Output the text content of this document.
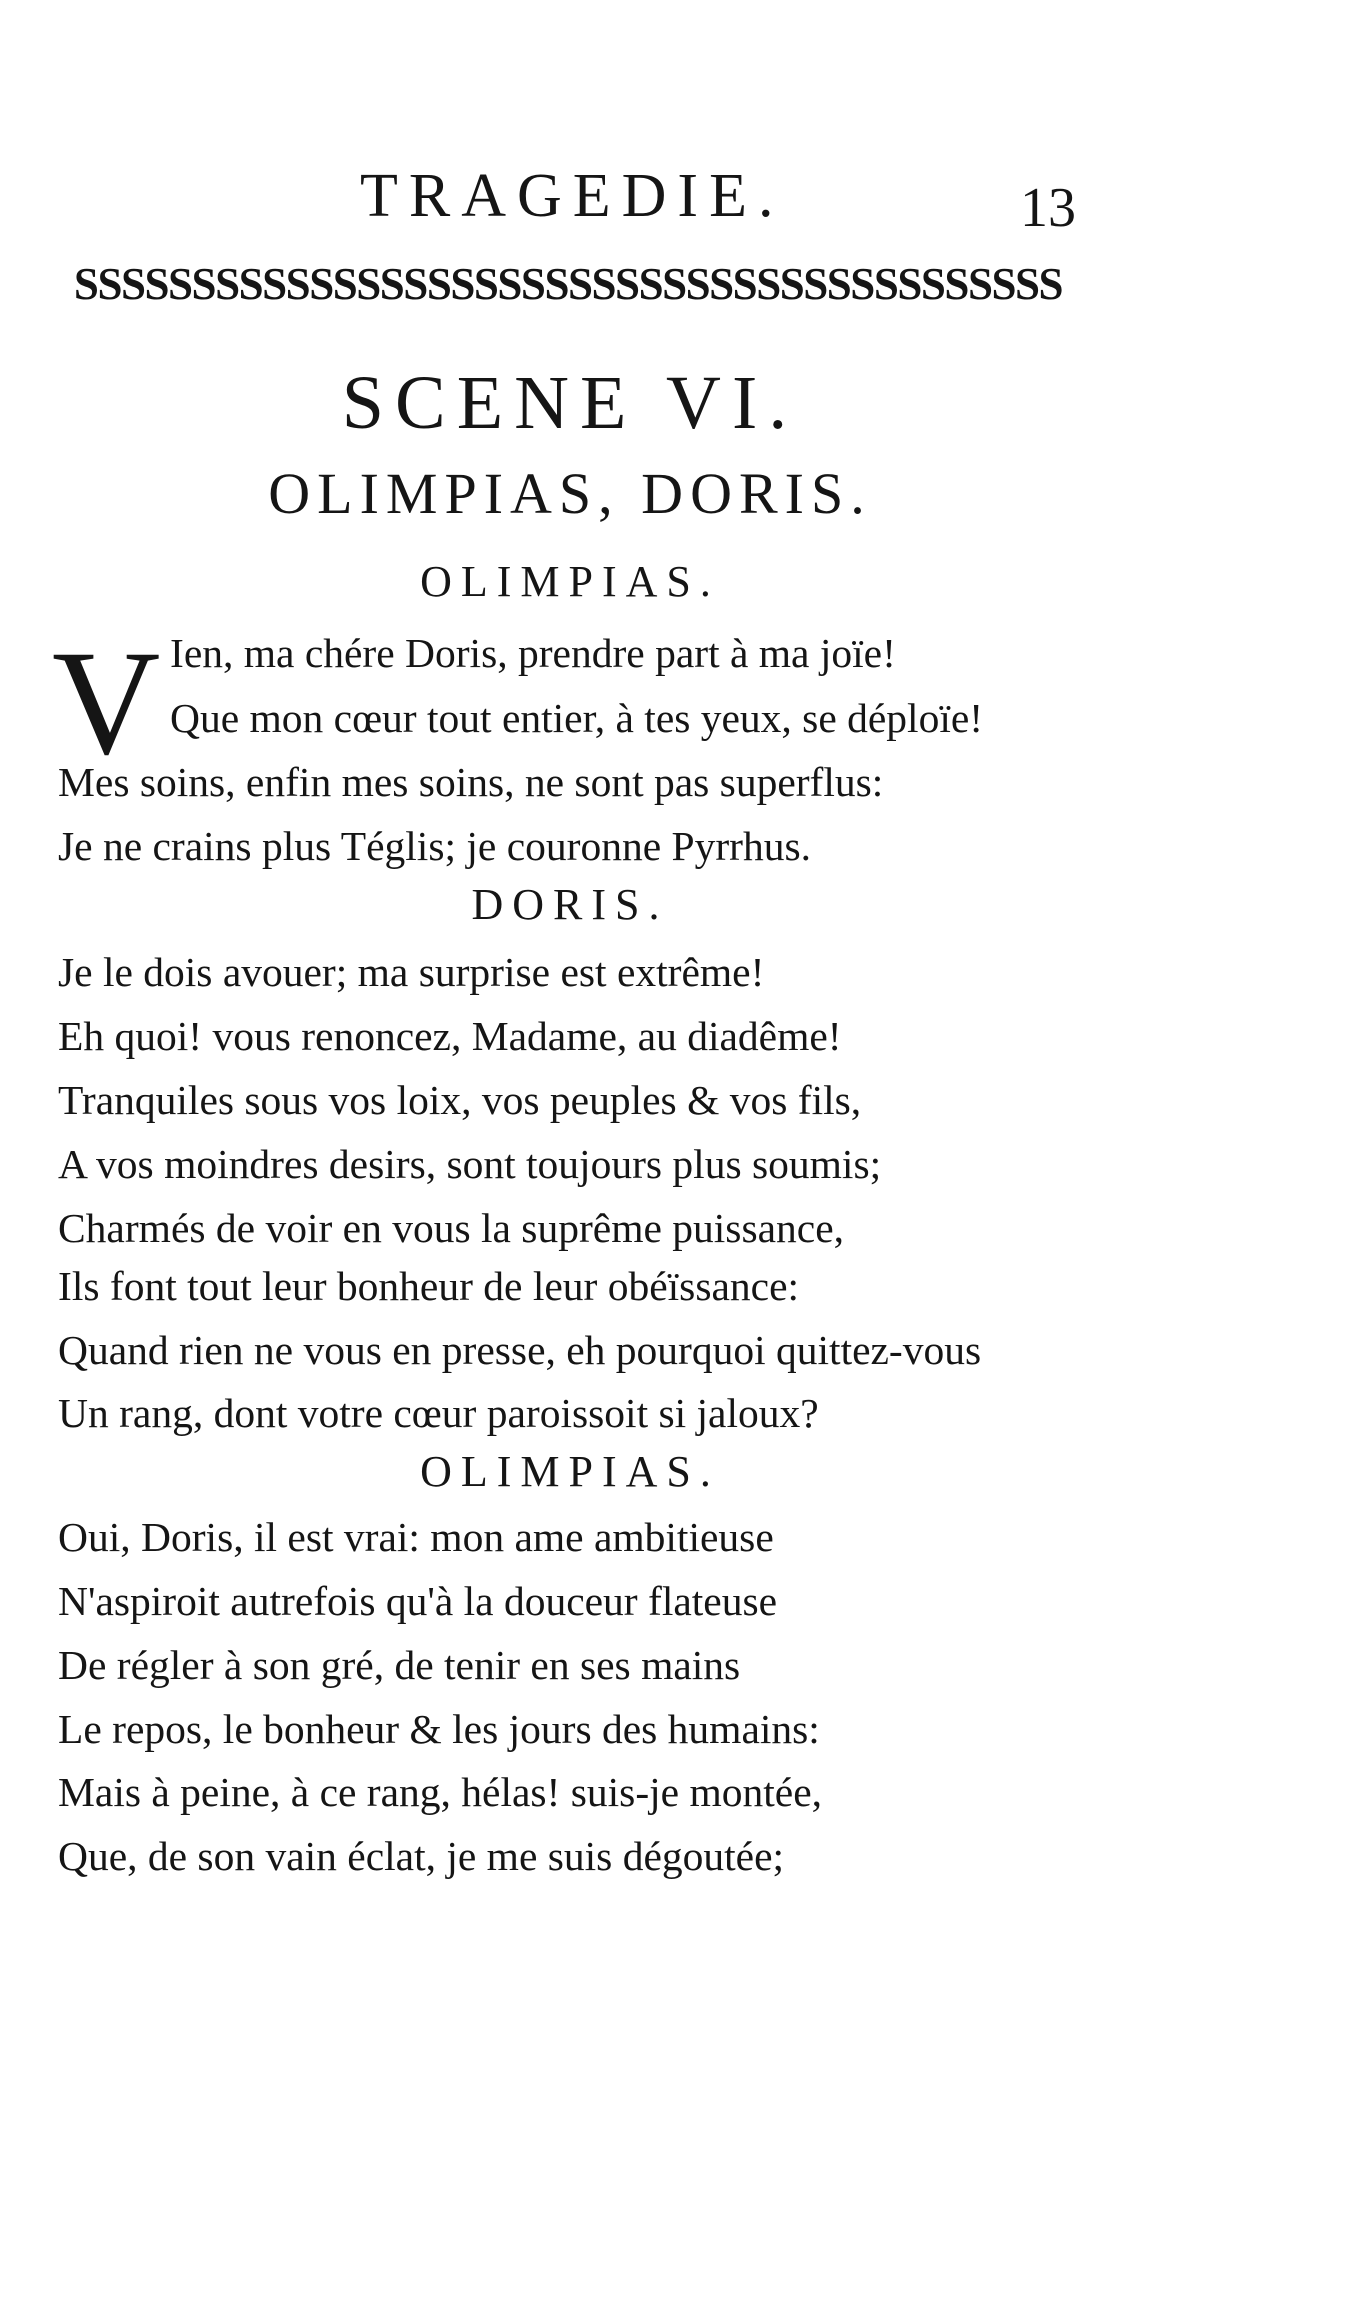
TRAGEDIE.	13
SSSSSSSSSSSSSSSSSSSSSSSSSSSSSSSSSSSSSSSSSS
SCENE VI.
OLIMPIAS, DORIS.
OLIMPIAS.
V Ien, ma chére Doris, prendre part à ma joïe!
Que mon cœur tout entier, à tes yeux, se déploïe!
Mes soins, enfin mes soins, ne sont pas superflus:
Je ne crains plus Téglis; je couronne Pyrrhus.
DORIS.
Je le dois avouer; ma surprise est extrême!
Eh quoi! vous renoncez, Madame, au diadême!
Tranquiles sous vos loix, vos peuples & vos fils,
A vos moindres desirs, sont toujours plus soumis;
Charmés de voir en vous la suprême puissance,
Ils font tout leur bonheur de leur obéïssance:
Quand rien ne vous en presse, eh pourquoi quittez-vous
Un rang, dont votre cœur paroissoit si jaloux?
OLIMPIAS.
Oui, Doris, il est vrai: mon ame ambitieuse
N'aspiroit autrefois qu'à la douceur flateuse
De régler à son gré, de tenir en ses mains
Le repos, le bonheur & les jours des humains:
Mais à peine, à ce rang, hélas! suis-je montée,
Que, de son vain éclat, je me suis dégoutée;
